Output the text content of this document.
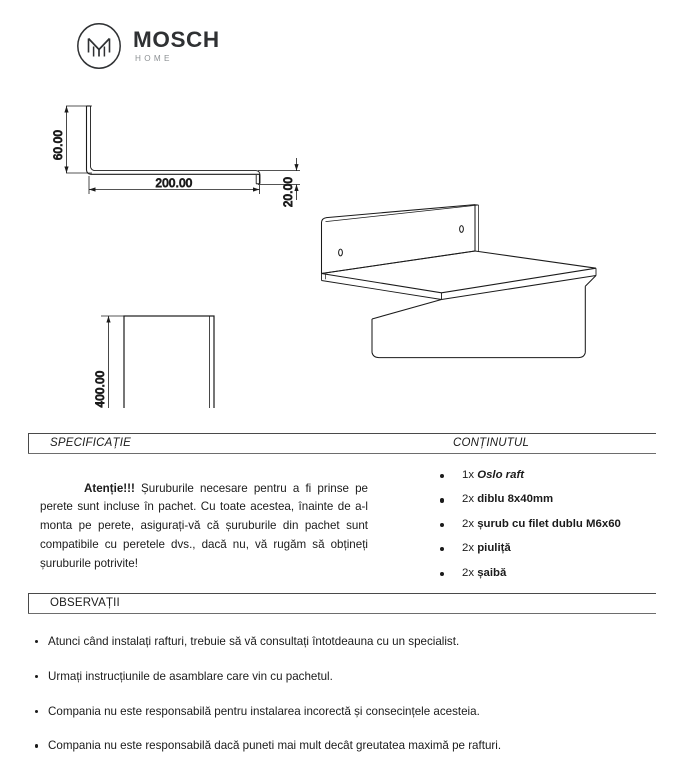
MOSCH
HOME
60.00
200.00	20.00
400.00
SPECIFICAȚIE	CONȚINUTUL

Atenție!!! Șuruburile necesare pentru a fi prinse pe perete sunt incluse în pachet. Cu toate acestea, înainte de a-l monta pe perete, asigurați-vă că șuruburile din pachet sunt compatibile cu peretele dvs., dacă nu, vă rugăm să obțineți șuruburile potrivite!

1x Oslo raft
2x diblu 8x40mm
2x șurub cu filet dublu M6x60
2x piuliță
2x șaibă
OBSERVAȚII
Atunci când instalați rafturi, trebuie să vă consultați întotdeauna cu un specialist.
Urmați instrucțiunile de asamblare care vin cu pachetul.
Compania nu este responsabilă pentru instalarea incorectă și consecințele acesteia.
Compania nu este responsabilă dacă puneti mai mult decât greutatea maximă pe rafturi.
